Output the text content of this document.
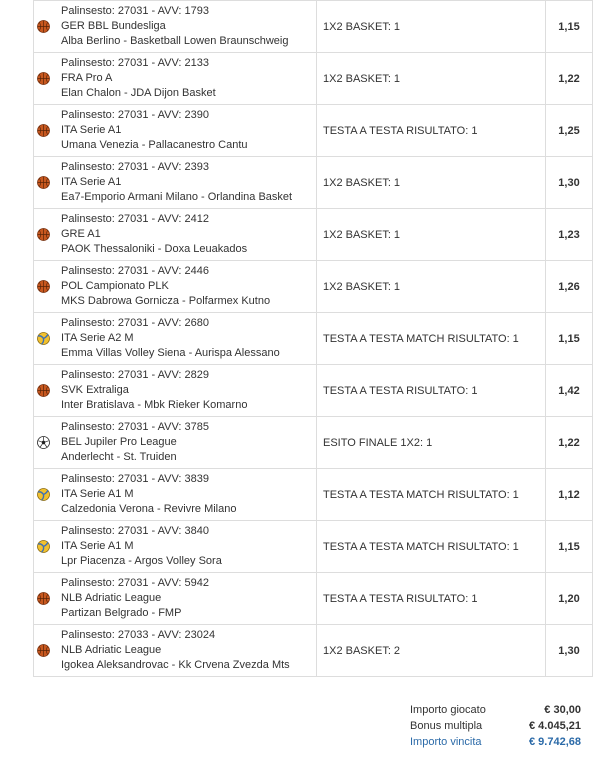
Palinsesto: 27031 - AVV: 1793
GER BBL Bundesliga
Alba Berlino - Basketball Lowen Braunschweig	1X2 BASKET: 1	1,15

Palinsesto: 27031 - AVV: 2133
FRA Pro A
Elan Chalon - JDA Dijon Basket	1X2 BASKET: 1	1,22

Palinsesto: 27031 - AVV: 2390
ITA Serie A1
Umana Venezia - Pallacanestro Cantu	TESTA A TESTA RISULTATO: 1	1,25

Palinsesto: 27031 - AVV: 2393
ITA Serie A1
Ea7-Emporio Armani Milano - Orlandina Basket	1X2 BASKET: 1	1,30

Palinsesto: 27031 - AVV: 2412
GRE A1
PAOK Thessaloniki - Doxa Leuakados	1X2 BASKET: 1	1,23

Palinsesto: 27031 - AVV: 2446
POL Campionato PLK
MKS Dabrowa Gornicza - Polfarmex Kutno	1X2 BASKET: 1	1,26

Palinsesto: 27031 - AVV: 2680
ITA Serie A2 M
Emma Villas Volley Siena - Aurispa Alessano	TESTA A TESTA MATCH RISULTATO: 1	1,15

Palinsesto: 27031 - AVV: 2829
SVK Extraliga
Inter Bratislava - Mbk Rieker Komarno	TESTA A TESTA RISULTATO: 1	1,42

Palinsesto: 27031 - AVV: 3785
BEL Jupiler Pro League
Anderlecht - St. Truiden	ESITO FINALE 1X2: 1	1,22

Palinsesto: 27031 - AVV: 3839
ITA Serie A1 M
Calzedonia Verona - Revivre Milano	TESTA A TESTA MATCH RISULTATO: 1	1,12

Palinsesto: 27031 - AVV: 3840
ITA Serie A1 M
Lpr Piacenza - Argos Volley Sora	TESTA A TESTA MATCH RISULTATO: 1	1,15

Palinsesto: 27031 - AVV: 5942
NLB Adriatic League
Partizan Belgrado - FMP	TESTA A TESTA RISULTATO: 1	1,20

Palinsesto: 27033 - AVV: 23024
NLB Adriatic League
Igokea Aleksandrovac - Kk Crvena Zvezda Mts	1X2 BASKET: 2	1,30
Importo giocato	€ 30,00
Bonus multipla	€ 4.045,21
Importo vincita	€ 9.742,68
